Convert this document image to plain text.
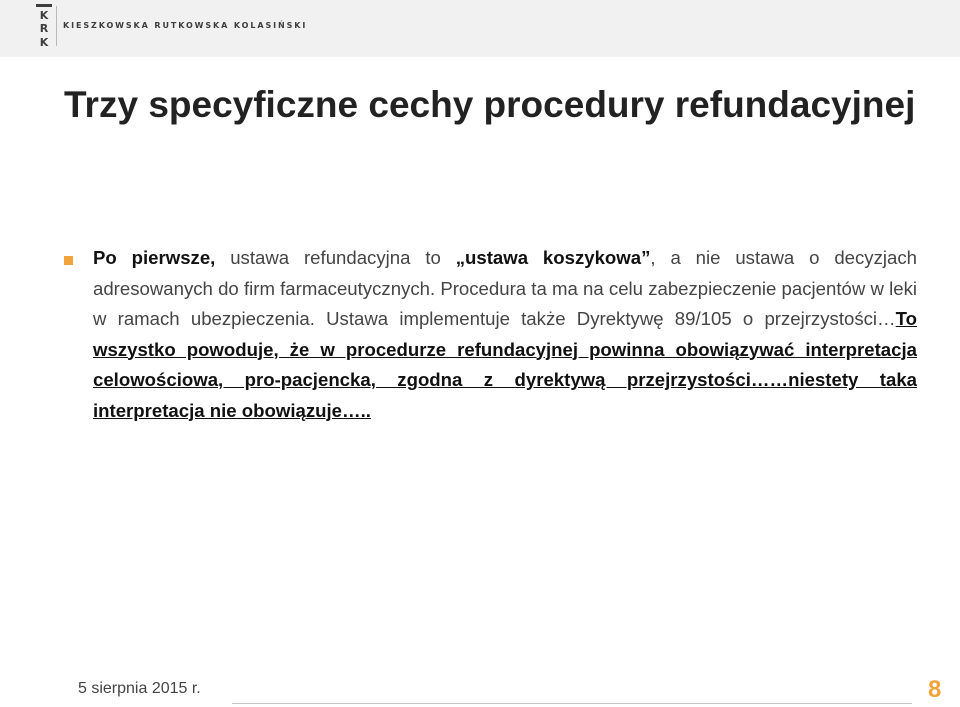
K
R
K
KIESZKOWSKA RUTKOWSKA KOLASIŃSKI
Trzy specyficzne cechy procedury refundacyjnej

Po pierwsze, ustawa refundacyjna to „ustawa koszykowa”, a nie ustawa o decyzjach adresowanych do firm farmaceutycznych. Procedura ta ma na celu zabezpieczenie pacjentów w leki w ramach ubezpieczenia. Ustawa implementuje także Dyrektywę 89/105 o przejrzystości…To wszystko powoduje, że w procedurze refundacyjnej powinna obowiązywać interpretacja celowościowa, pro-pacjencka, zgodna z dyrektywą przejrzystości……niestety taka interpretacja nie obowiązuje…..

5 sierpnia 2015 r.	8
